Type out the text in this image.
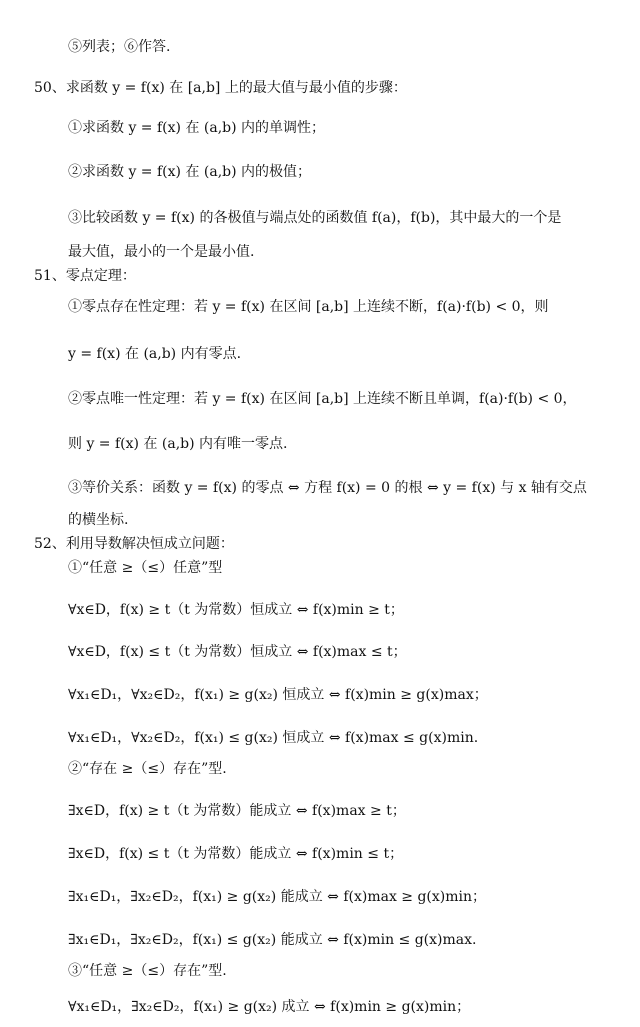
⑤列表；⑥作答.
50、求函数 y = f(x) 在 [a,b] 上的最大值与最小值的步骤：
①求函数 y = f(x) 在 (a,b) 内的单调性；
②求函数 y = f(x) 在 (a,b) 内的极值；
③比较函数 y = f(x) 的各极值与端点处的函数值 f(a)，f(b)，其中最大的一个是
最大值，最小的一个是最小值.
51、零点定理：
①零点存在性定理：若 y = f(x) 在区间 [a,b] 上连续不断，f(a)·f(b) < 0，则
y = f(x) 在 (a,b) 内有零点.
②零点唯一性定理：若 y = f(x) 在区间 [a,b] 上连续不断且单调，f(a)·f(b) < 0，
则 y = f(x) 在 (a,b) 内有唯一零点.
③等价关系：函数 y = f(x) 的零点 ⇔ 方程 f(x) = 0 的根 ⇔ y = f(x) 与 x 轴有交点
的横坐标.
52、利用导数解决恒成立问题：
①“任意 ≥（≤）任意”型
∀x∈D，f(x) ≥ t（t 为常数）恒成立 ⇔ f(x)min ≥ t；
∀x∈D，f(x) ≤ t（t 为常数）恒成立 ⇔ f(x)max ≤ t；
∀x₁∈D₁，∀x₂∈D₂，f(x₁) ≥ g(x₂) 恒成立 ⇔ f(x)min ≥ g(x)max；
∀x₁∈D₁，∀x₂∈D₂，f(x₁) ≤ g(x₂) 恒成立 ⇔ f(x)max ≤ g(x)min.
②“存在 ≥（≤）存在”型.
∃x∈D，f(x) ≥ t（t 为常数）能成立 ⇔ f(x)max ≥ t；
∃x∈D，f(x) ≤ t（t 为常数）能成立 ⇔ f(x)min ≤ t；
∃x₁∈D₁，∃x₂∈D₂，f(x₁) ≥ g(x₂) 能成立 ⇔ f(x)max ≥ g(x)min；
∃x₁∈D₁，∃x₂∈D₂，f(x₁) ≤ g(x₂) 能成立 ⇔ f(x)min ≤ g(x)max.
③“任意 ≥（≤）存在”型.
∀x₁∈D₁，∃x₂∈D₂，f(x₁) ≥ g(x₂) 成立 ⇔ f(x)min ≥ g(x)min；
